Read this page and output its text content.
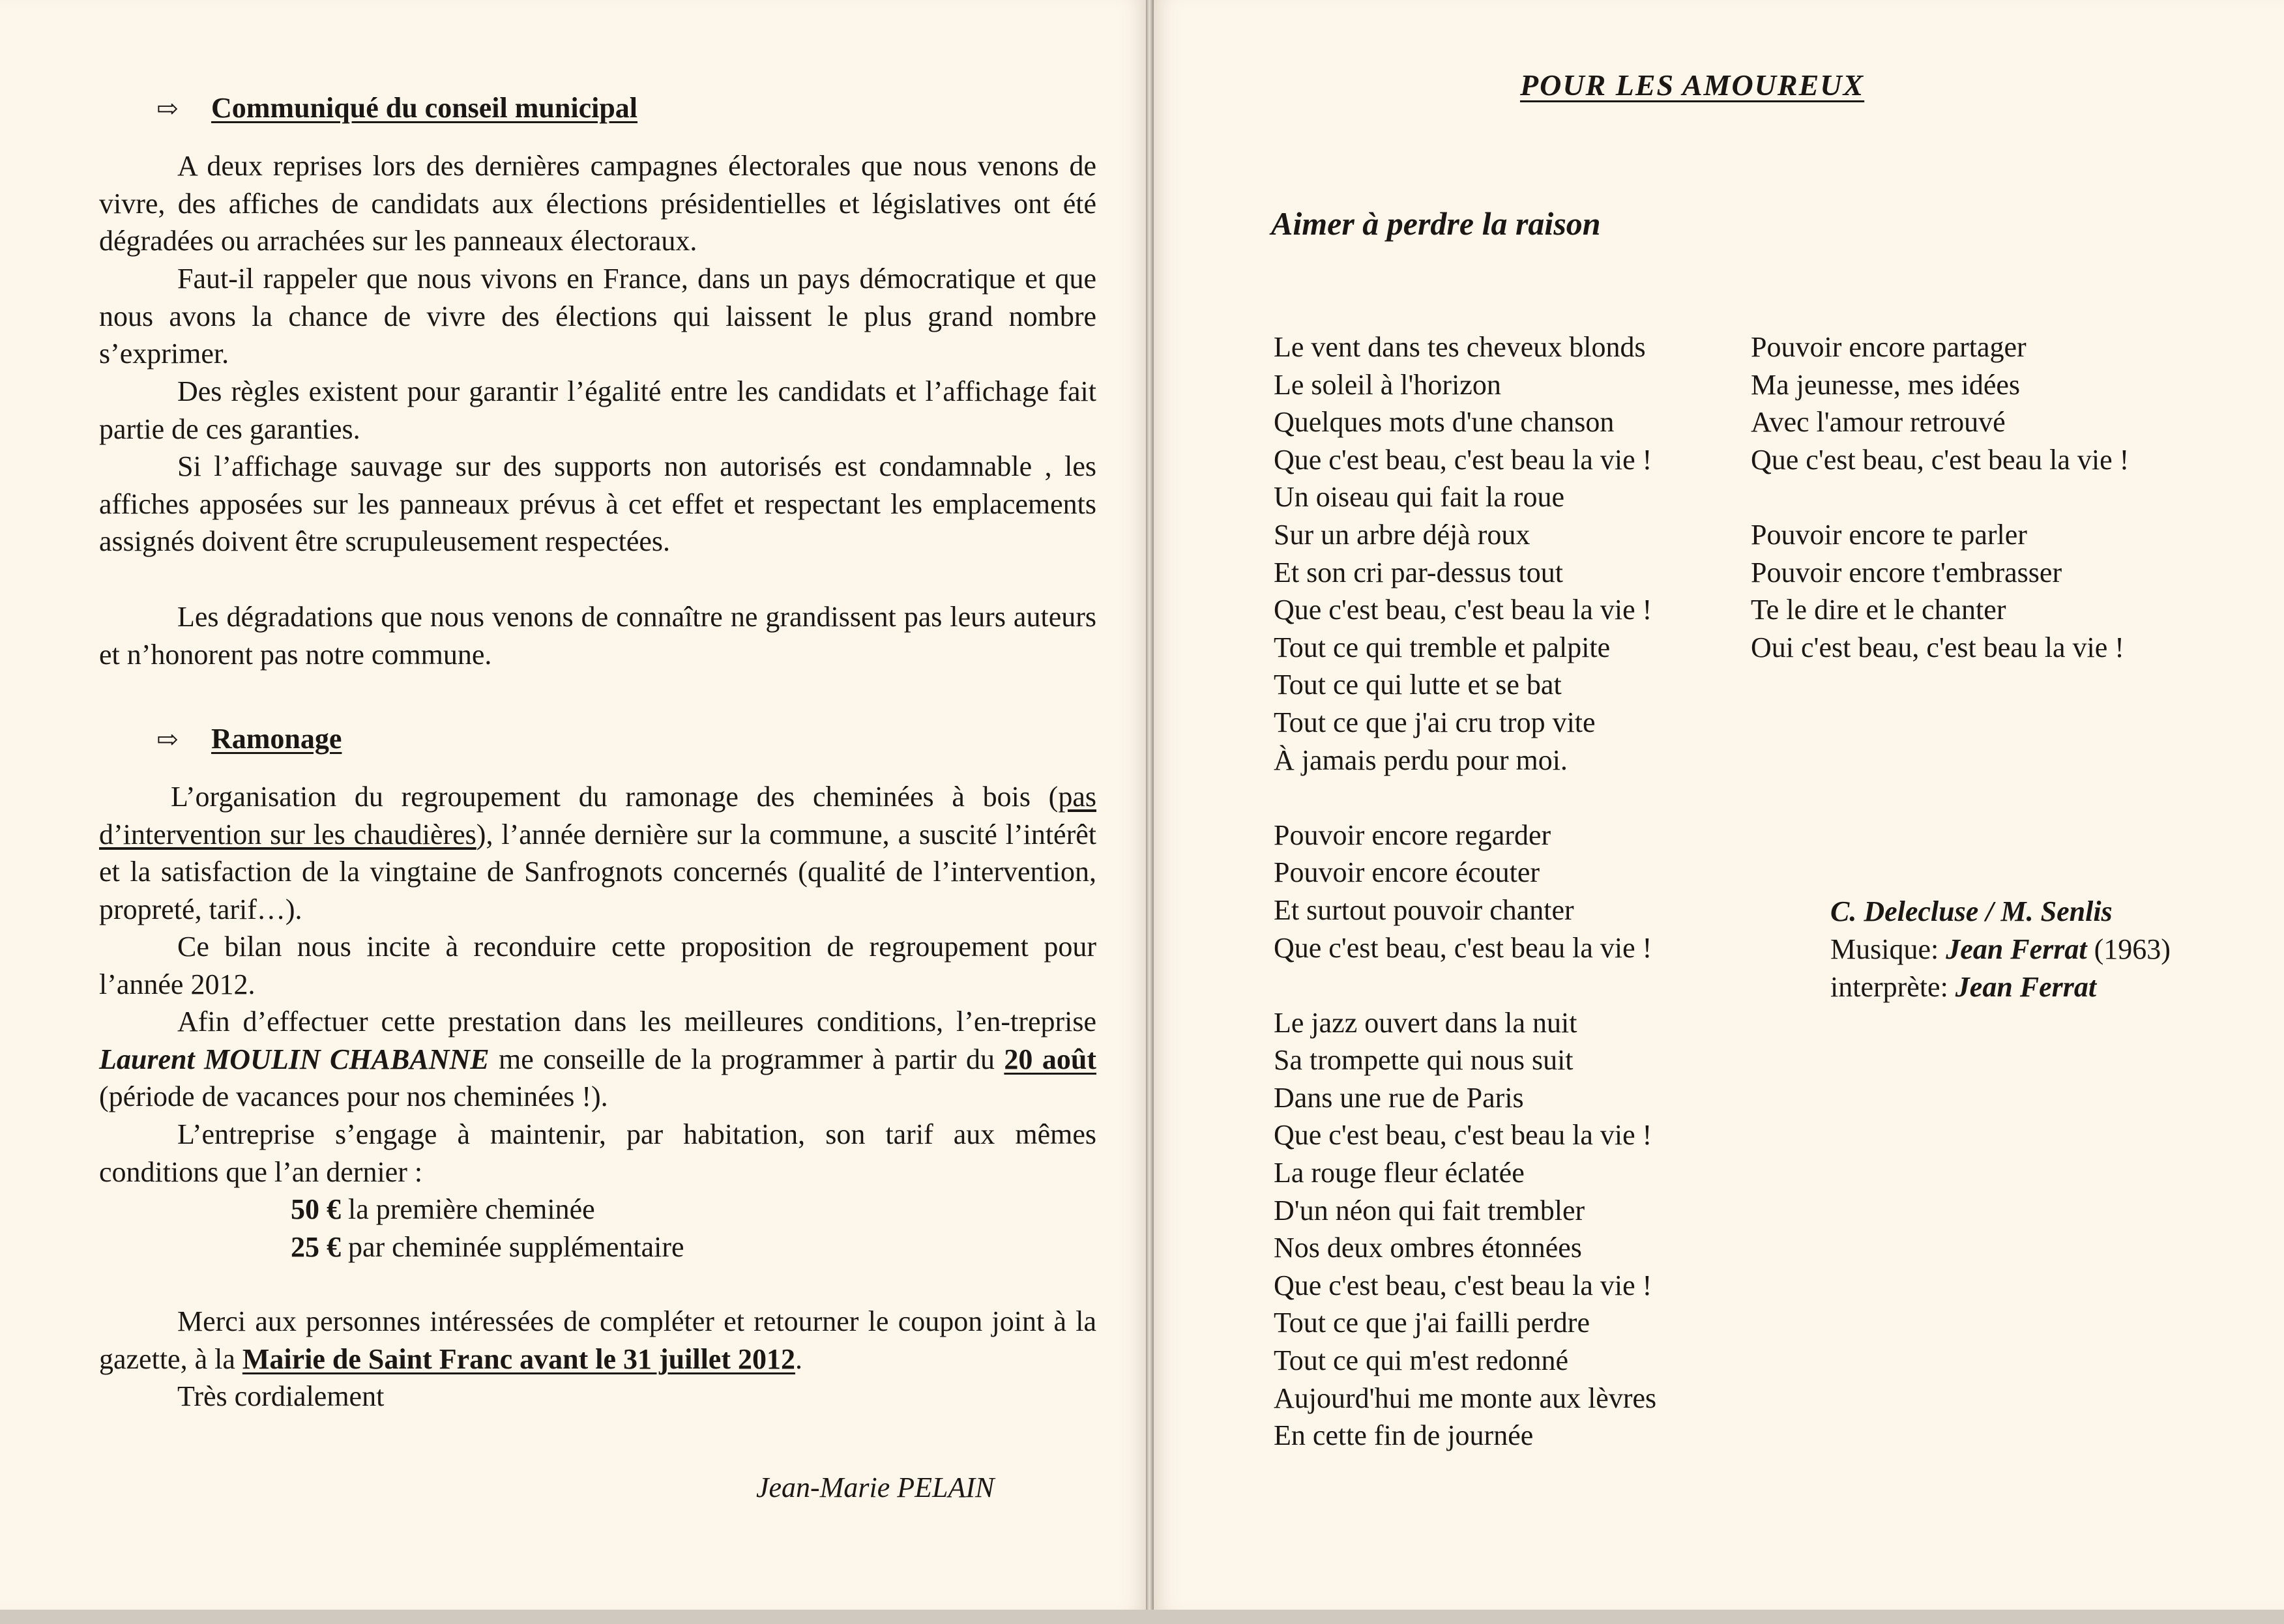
⇨ Communiqué du conseil municipal
A deux reprises lors des dernières campagnes électorales que nous venons de vivre, des affiches de candidats aux élections présidentielles et législatives ont été dégradées ou arrachées sur les panneaux électoraux.
Faut-il rappeler que nous vivons en France, dans un pays démocratique et que nous avons la chance de vivre des élections qui laissent le plus grand nombre s’exprimer.
Des règles existent pour garantir l’égalité entre les candidats et l’affichage fait partie de ces garanties.
Si l’affichage sauvage sur des supports non autorisés est condamnable , les affiches apposées sur les panneaux prévus à cet effet et respectant les emplacements assignés doivent être scrupuleusement respectées.
Les dégradations que nous venons de connaître ne grandissent pas leurs auteurs et n’honorent pas notre commune.
⇨ Ramonage
L’organisation du regroupement du ramonage des cheminées à bois (pas d’intervention sur les chaudières), l’année dernière sur la commune, a suscité l’intérêt et la satisfaction de la vingtaine de Sanfrognots concernés (qualité de l’intervention, propreté, tarif…).
Ce bilan nous incite à reconduire cette proposition de regroupement pour l’année 2012.
Afin d’effectuer cette prestation dans les meilleures conditions, l’en-treprise Laurent MOULIN CHABANNE me conseille de la programmer à partir du 20 août (période de vacances pour nos cheminées !).
L’entreprise s’engage à maintenir, par habitation, son tarif aux mêmes conditions que l’an dernier :
50 € la première cheminée
25 € par cheminée supplémentaire
Merci aux personnes intéressées de compléter et retourner le coupon joint à la gazette, à la Mairie de Saint Franc avant le 31 juillet 2012.
Très cordialement
Jean-Marie PELAIN
POUR LES AMOUREUX
Aimer à perdre la raison
Le vent dans tes cheveux blonds
Le soleil à l'horizon
Quelques mots d'une chanson
Que c'est beau, c'est beau la vie !
Un oiseau qui fait la roue
Sur un arbre déjà roux
Et son cri par-dessus tout
Que c'est beau, c'est beau la vie !
Tout ce qui tremble et palpite
Tout ce qui lutte et se bat
Tout ce que j'ai cru trop vite
À jamais perdu pour moi.
Pouvoir encore regarder
Pouvoir encore écouter
Et surtout pouvoir chanter
Que c'est beau, c'est beau la vie !
Le jazz ouvert dans la nuit
Sa trompette qui nous suit
Dans une rue de Paris
Que c'est beau, c'est beau la vie !
La rouge fleur éclatée
D'un néon qui fait trembler
Nos deux ombres étonnées
Que c'est beau, c'est beau la vie !
Tout ce que j'ai failli perdre
Tout ce qui m'est redonné
Aujourd'hui me monte aux lèvres
En cette fin de journée
Pouvoir encore partager
Ma jeunesse, mes idées
Avec l'amour retrouvé
Que c'est beau, c'est beau la vie !
Pouvoir encore te parler
Pouvoir encore t'embrasser
Te le dire et le chanter
Oui c'est beau, c'est beau la vie !
C. Delecluse / M. Senlis
Musique: Jean Ferrat (1963)
interprète: Jean Ferrat
